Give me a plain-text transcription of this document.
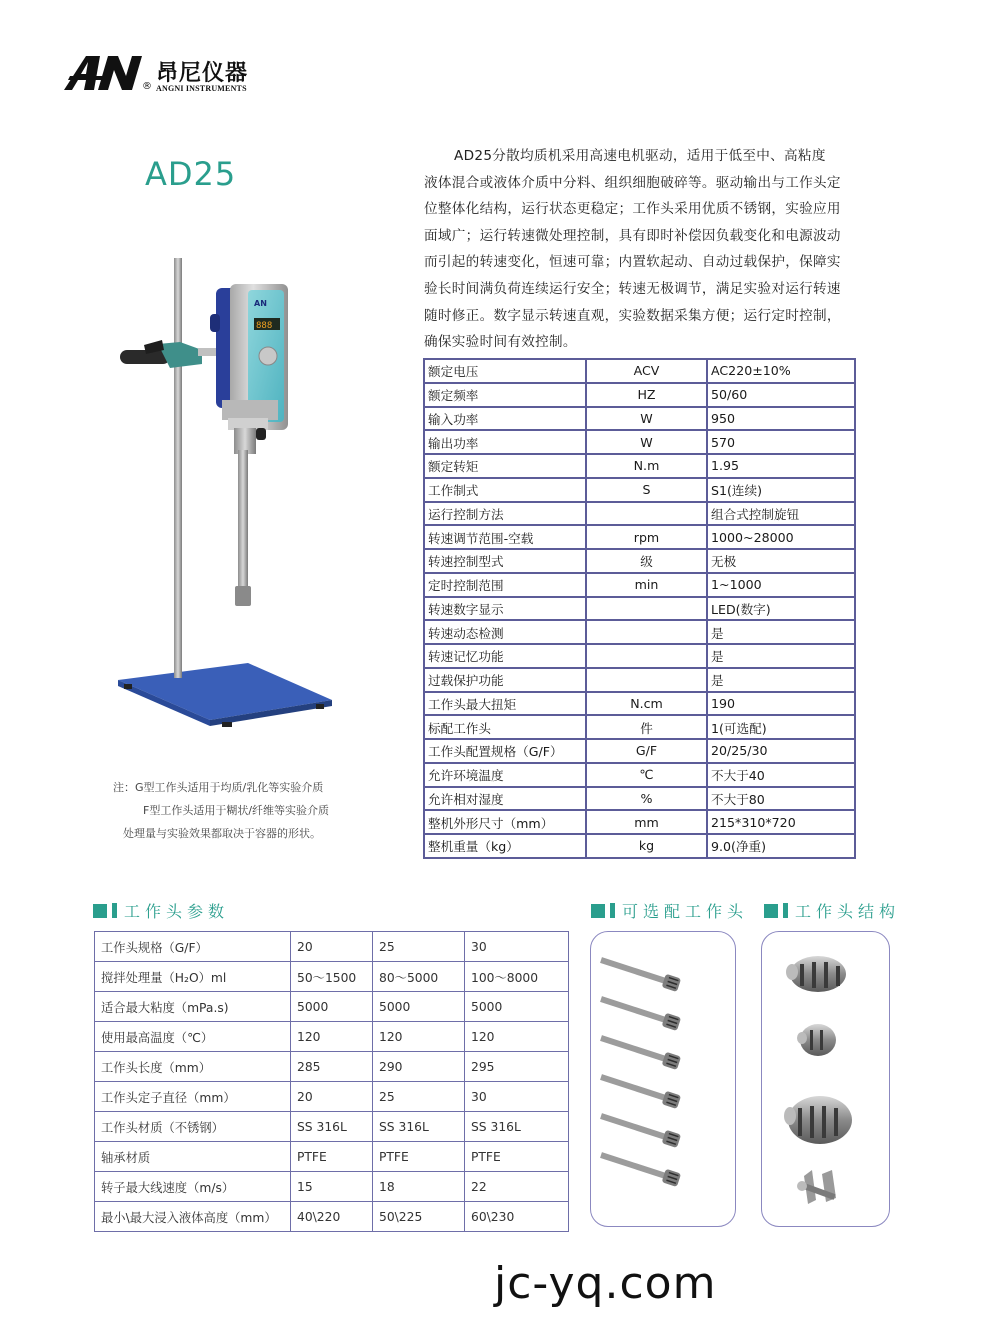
昂尼仪器
® ANGNI INSTRUMENTS
AD25
AN
888
注：G型工作头适用于均质/乳化等实验介质
F型工作头适用于糊状/纤维等实验介质
处理量与实验效果都取决于容器的形状。
AD25分散均质机采用高速电机驱动，适用于低至中、高粘度
液体混合或液体介质中分料、组织细胞破碎等。驱动输出与工作头定
位整体化结构，运行状态更稳定；工作头采用优质不锈钢，实验应用
面域广；运行转速微处理控制，具有即时补偿因负载变化和电源波动
而引起的转速变化，恒速可靠；内置软起动、自动过载保护，保障实
验长时间满负荷连续运行安全；转速无极调节，满足实验对运行转速
随时修正。数字显示转速直观，实验数据采集方便；运行定时控制，
确保实验时间有效控制。
额定电压	ACV	AC220±10%
额定频率	HZ	50/60
输入功率	W	950
输出功率	W	570
额定转矩	N.m	1.95
工作制式	S	S1(连续)
运行控制方法		组合式控制旋钮
转速调节范围-空载	rpm	1000~28000
转速控制型式	级	无极
定时控制范围	min	1~1000
转速数字显示		LED(数字)
转速动态检测		是
转速记忆功能		是
过载保护功能		是
工作头最大扭矩	N.cm	190
标配工作头	件	1(可选配)
工作头配置规格（G/F）	G/F	20/25/30
允许环境温度	℃	不大于40
允许相对湿度	%	不大于80
整机外形尺寸（mm）	mm	215*310*720
整机重量（kg）	kg	9.0(净重)
工作头参数	可选配工作头	工作头结构
工作头规格（G/F）	20	25	30
搅拌处理量（H₂O）ml	50～1500	80～5000	100～8000
适合最大粘度（mPa.s)	5000	5000	5000
使用最高温度（℃）	120	120	120
工作头长度（mm）	285	290	295
工作头定子直径（mm）	20	25	30
工作头材质（不锈钢）	SS 316L	SS 316L	SS 316L
轴承材质	PTFE	PTFE	PTFE
转子最大线速度（m/s）	15	18	22
最小\最大浸入液体高度（mm）	40\220	50\225	60\230
jc-yq.com
